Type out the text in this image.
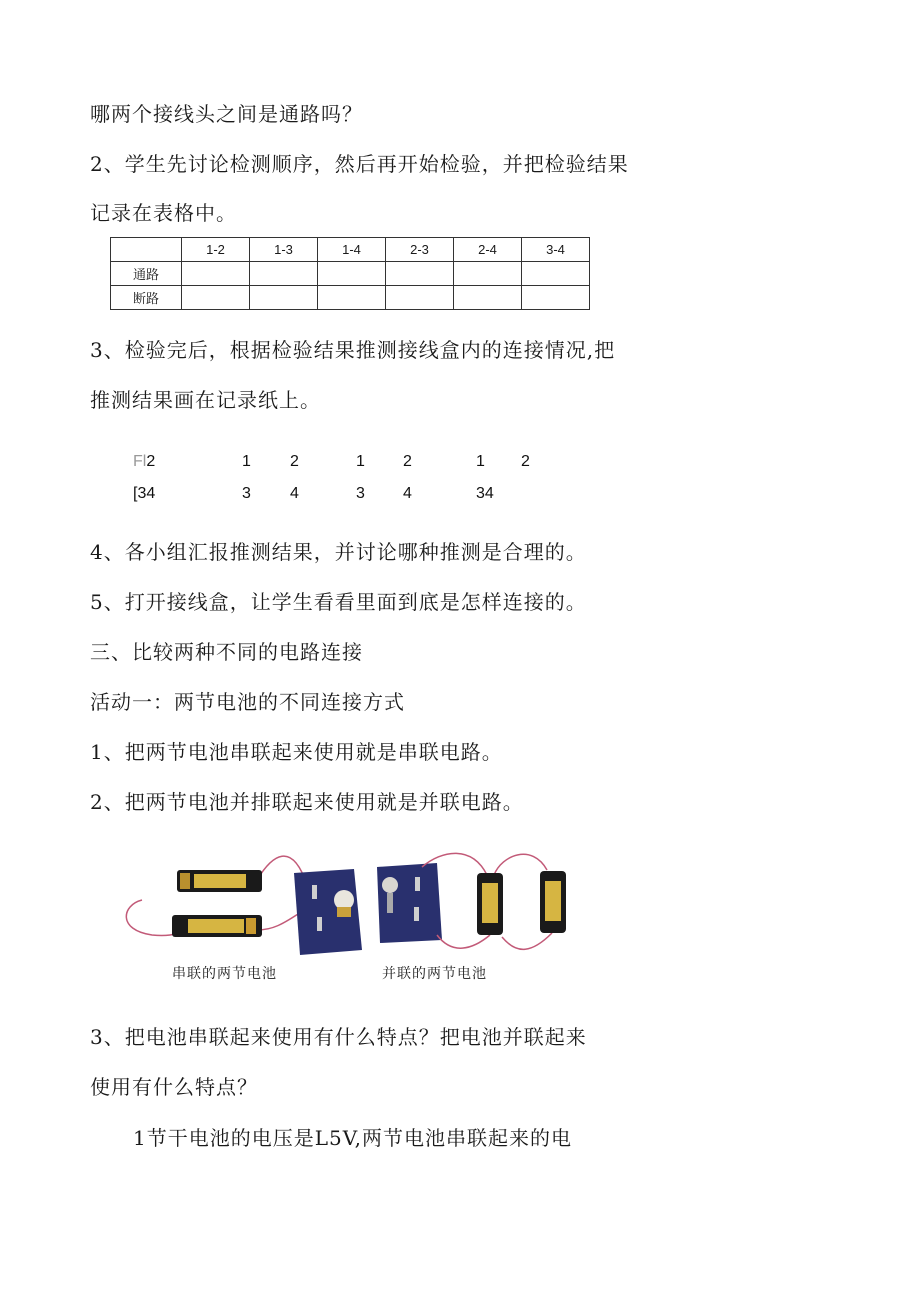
哪两个接线头之间是通路吗？
2、学生先讨论检测顺序，然后再开始检验，并把检验结果
记录在表格中。
	1-2	1-3	1-4	2-3	2-4	3-4
通路						
断路						
3、检验完后，根据检验结果推测接线盒内的连接情况,把
推测结果画在记录纸上。
Fl2
[34
1 2
3 4
1 2
3 4
1 2
34
4、各小组汇报推测结果，并讨论哪种推测是合理的。
5、打开接线盒，让学生看看里面到底是怎样连接的。
三、比较两种不同的电路连接
活动一：两节电池的不同连接方式
1、把两节电池串联起来使用就是串联电路。
2、把两节电池并排联起来使用就是并联电路。
串联的两节电池	并联的两节电池
3、把电池串联起来使用有什么特点？把电池并联起来
使用有什么特点？
1节干电池的电压是L5V,两节电池串联起来的电
